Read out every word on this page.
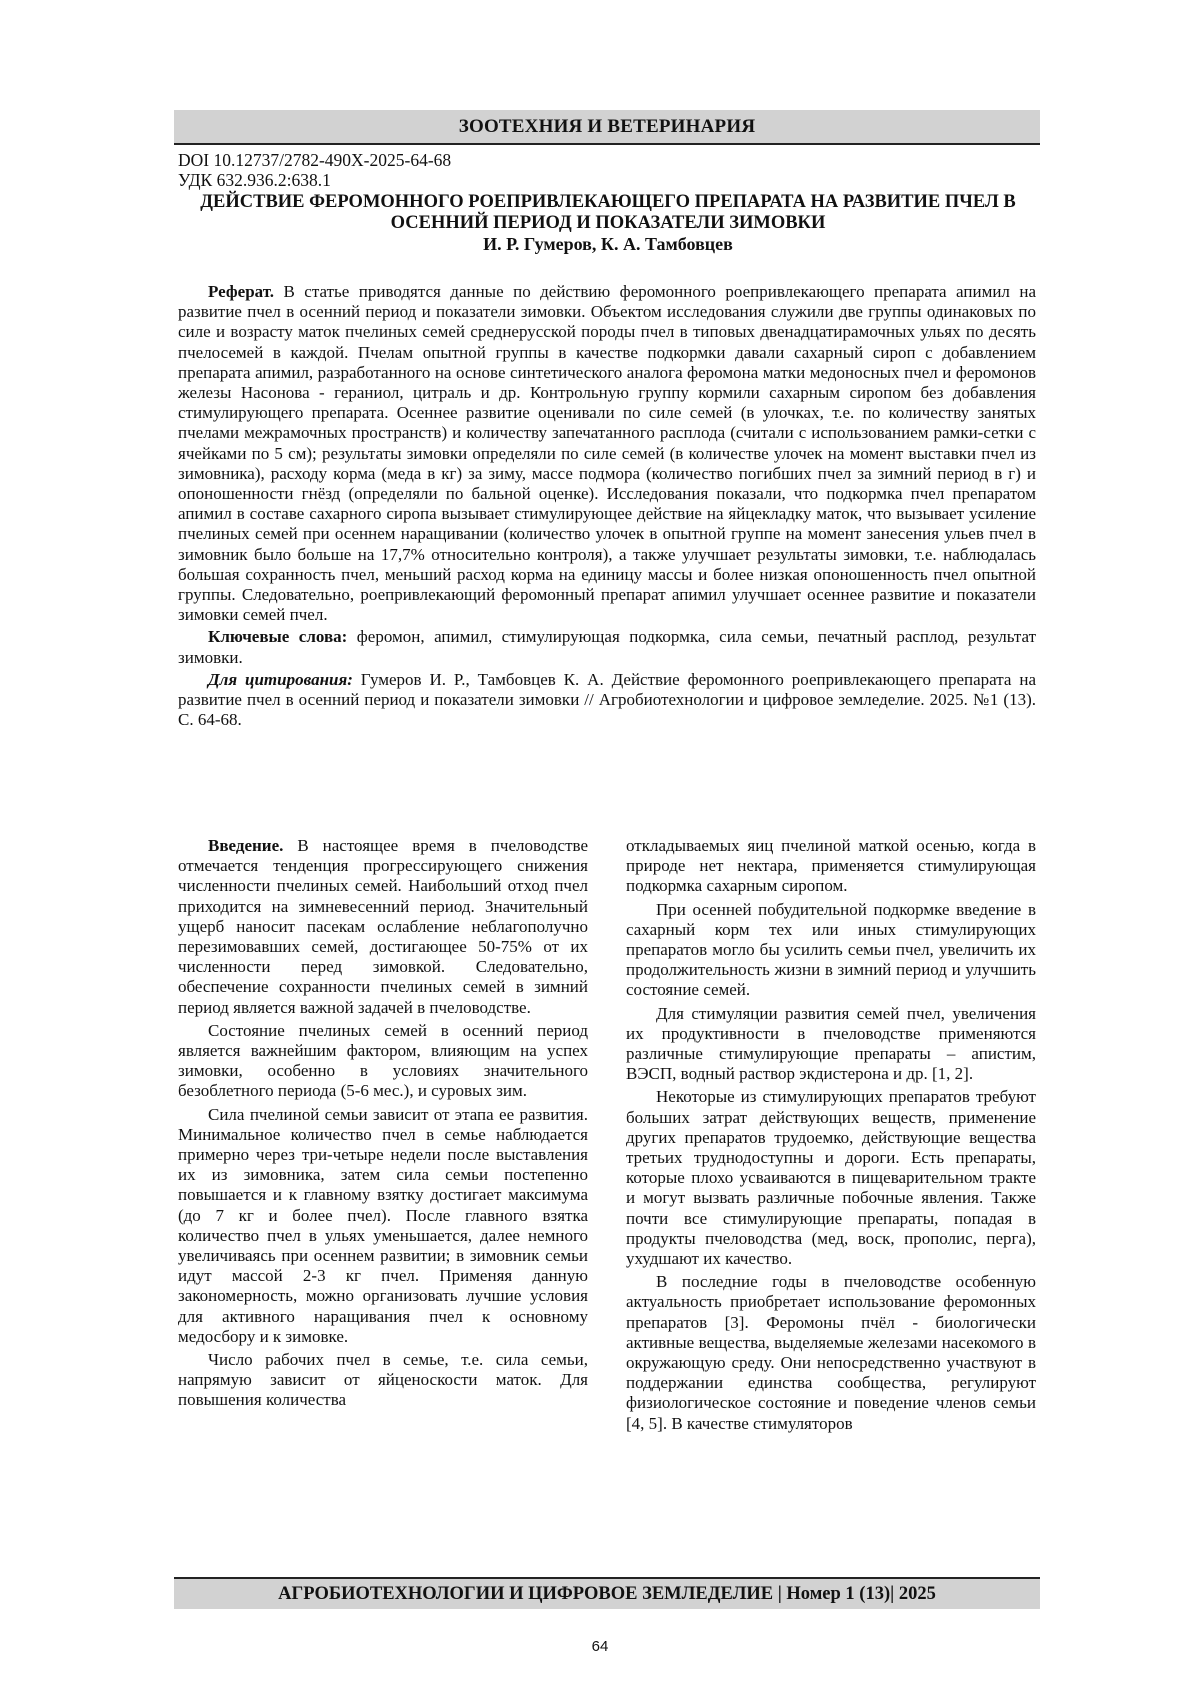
ЗООТЕХНИЯ И ВЕТЕРИНАРИЯ
DOI 10.12737/2782-490X-2025-64-68
УДК 632.936.2:638.1
ДЕЙСТВИЕ ФЕРОМОННОГО РОЕПРИВЛЕКАЮЩЕГО ПРЕПАРАТА НА РАЗВИТИЕ ПЧЕЛ В ОСЕННИЙ ПЕРИОД И ПОКАЗАТЕЛИ ЗИМОВКИ
И. Р. Гумеров, К. А. Тамбовцев

Реферат. В статье приводятся данные по действию феромонного роепривлекающего препарата апимил на развитие пчел в осенний период и показатели зимовки. Объектом исследования служили две группы одинаковых по силе и возрасту маток пчелиных семей среднерусской породы пчел в типовых двенадцатирамочных ульях по десять пчелосемей в каждой. Пчелам опытной группы в качестве подкормки давали сахарный сироп с добавлением препарата апимил, разработанного на основе синтетического аналога феромона матки медоносных пчел и феромонов железы Насонова - гераниол, цитраль и др. Контрольную группу кормили сахарным сиропом без добавления стимулирующего препарата. Осеннее развитие оценивали по силе семей (в улочках, т.е. по количеству занятых пчелами межрамочных пространств) и количеству запечатанного расплода (считали с использованием рамки-сетки с ячейками по 5 см); результаты зимовки определяли по силе семей (в количестве улочек на момент выставки пчел из зимовника), расходу корма (меда в кг) за зиму, массе подмора (количество погибших пчел за зимний период в г) и опоношенности гнёзд (определяли по бальной оценке). Исследования показали, что подкормка пчел препаратом апимил в составе сахарного сиропа вызывает стимулирующее действие на яйцекладку маток, что вызывает усиление пчелиных семей при осеннем наращивании (количество улочек в опытной группе на момент занесения ульев пчел в зимовник было больше на 17,7% относительно контроля), а также улучшает результаты зимовки, т.е. наблюдалась большая сохранность пчел, меньший расход корма на единицу массы и более низкая опоношенность пчел опытной группы. Следовательно, роепривлекающий феромонный препарат апимил улучшает осеннее развитие и показатели зимовки семей пчел.

Ключевые слова: феромон, апимил, стимулирующая подкормка, сила семьи, печатный расплод, результат зимовки.

Для цитирования: Гумеров И. Р., Тамбовцев К. А. Действие феромонного роепривлекающего препарата на развитие пчел в осенний период и показатели зимовки // Агробиотехнологии и цифровое земледелие. 2025. №1 (13). С. 64-68.

Введение. В настоящее время в пчеловодстве отмечается тенденция прогрессирующего снижения численности пчелиных семей. Наибольший отход пчел приходится на зимневесенний период. Значительный ущерб наносит пасекам ослабление неблагополучно перезимовавших семей, достигающее 50-75% от их численности перед зимовкой. Следовательно, обеспечение сохранности пчелиных семей в зимний период является важной задачей в пчеловодстве.

Состояние пчелиных семей в осенний период является важнейшим фактором, влияющим на успех зимовки, особенно в условиях значительного безоблетного периода (5-6 мес.), и суровых зим.

Сила пчелиной семьи зависит от этапа ее развития. Минимальное количество пчел в семье наблюдается примерно через три-четыре недели после выставления их из зимовника, затем сила семьи постепенно повышается и к главному взятку достигает максимума (до 7 кг и более пчел). После главного взятка количество пчел в ульях уменьшается, далее немного увеличиваясь при осеннем развитии; в зимовник семьи идут массой 2-3 кг пчел. Применяя данную закономерность, можно организовать лучшие условия для активного наращивания пчел к основному медосбору и к зимовке.

Число рабочих пчел в семье, т.е. сила семьи, напрямую зависит от яйценоскости маток. Для повышения количества

откладываемых яиц пчелиной маткой осенью, когда в природе нет нектара, применяется стимулирующая подкормка сахарным сиропом.

При осенней побудительной подкормке введение в сахарный корм тех или иных стимулирующих препаратов могло бы усилить семьи пчел, увеличить их продолжительность жизни в зимний период и улучшить состояние семей.

Для стимуляции развития семей пчел, увеличения их продуктивности в пчеловодстве применяются различные стимулирующие препараты – апистим, ВЭСП, водный раствор экдистерона и др. [1, 2].

Некоторые из стимулирующих препаратов требуют больших затрат действующих веществ, применение других препаратов трудоемко, действующие вещества третьих труднодоступны и дороги. Есть препараты, которые плохо усваиваются в пищеварительном тракте и могут вызвать различные побочные явления. Также почти все стимулирующие препараты, попадая в продукты пчеловодства (мед, воск, прополис, перга), ухудшают их качество.

В последние годы в пчеловодстве особенную актуальность приобретает использование феромонных препаратов [3]. Феромоны пчёл - биологически активные вещества, выделяемые железами насекомого в окружающую среду. Они непосредственно участвуют в поддержании единства сообщества, регулируют физиологическое состояние и поведение членов семьи [4, 5]. В качестве стимуляторов

АГРОБИОТЕХНОЛОГИИ И ЦИФРОВОЕ ЗЕМЛЕДЕЛИЕ | Номер 1 (13)| 2025
64
